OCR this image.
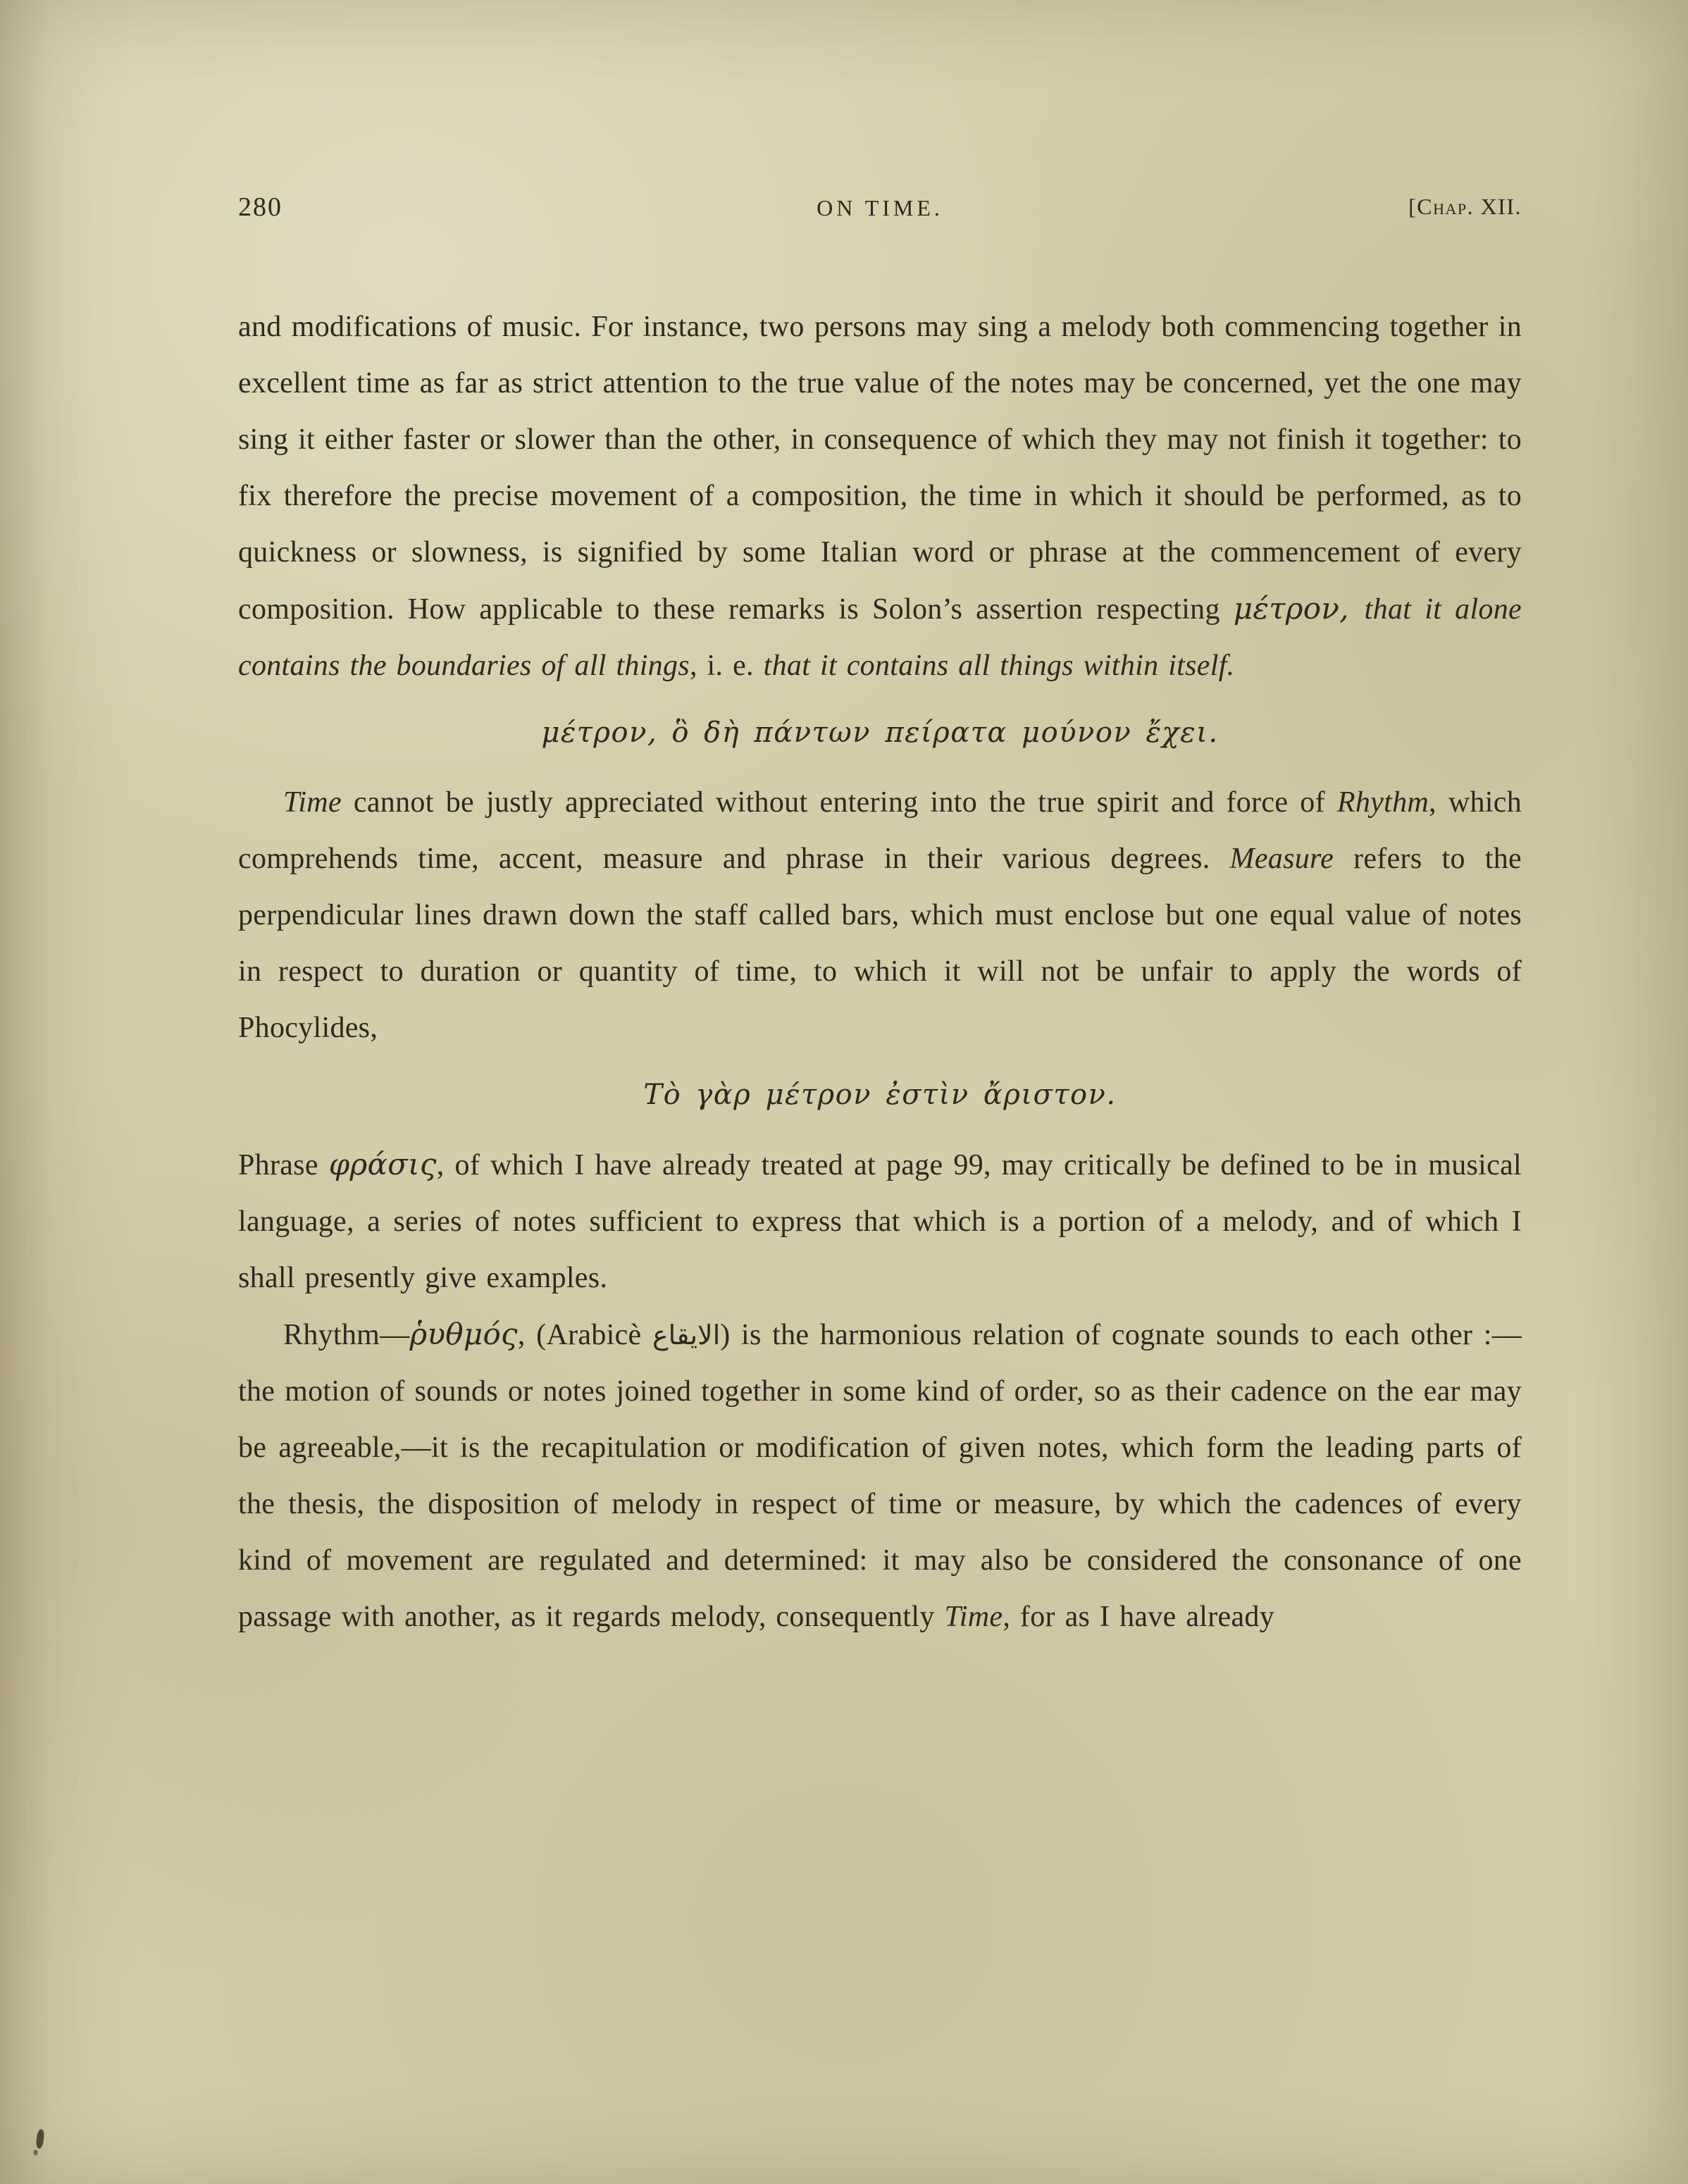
280	ON TIME.	[Chap. XII.

and modifications of music. For instance, two persons may sing a melody both commencing together in excellent time as far as strict attention to the true value of the notes may be concerned, yet the one may sing it either faster or slower than the other, in consequence of which they may not finish it together: to fix therefore the precise movement of a composition, the time in which it should be performed, as to quickness or slowness, is signified by some Italian word or phrase at the commencement of every composition. How applicable to these remarks is Solon’s assertion respecting μέτρον, that it alone contains the boundaries of all things, i. e. that it contains all things within itself.

μέτρον, ὃ δὴ πάντων πείρατα μούνον ἔχει.

Time cannot be justly appreciated without entering into the true spirit and force of Rhythm, which comprehends time, accent, measure and phrase in their various degrees. Measure refers to the perpendicular lines drawn down the staff called bars, which must enclose but one equal value of notes in respect to duration or quantity of time, to which it will not be unfair to apply the words of Phocylides,

Τὸ γὰρ μέτρον ἐστὶν ἄριστον.

Phrase φράσις, of which I have already treated at page 99, may critically be defined to be in musical language, a series of notes sufficient to express that which is a portion of a melody, and of which I shall presently give examples.

Rhythm—ῥυθμός, (Arabicè الايقاع) is the harmonious relation of cognate sounds to each other :—the motion of sounds or notes joined together in some kind of order, so as their cadence on the ear may be agreeable,—it is the recapitulation or modification of given notes, which form the leading parts of the thesis, the disposition of melody in respect of time or measure, by which the cadences of every kind of movement are regulated and determined: it may also be considered the consonance of one passage with another, as it regards melody, consequently Time, for as I have already
